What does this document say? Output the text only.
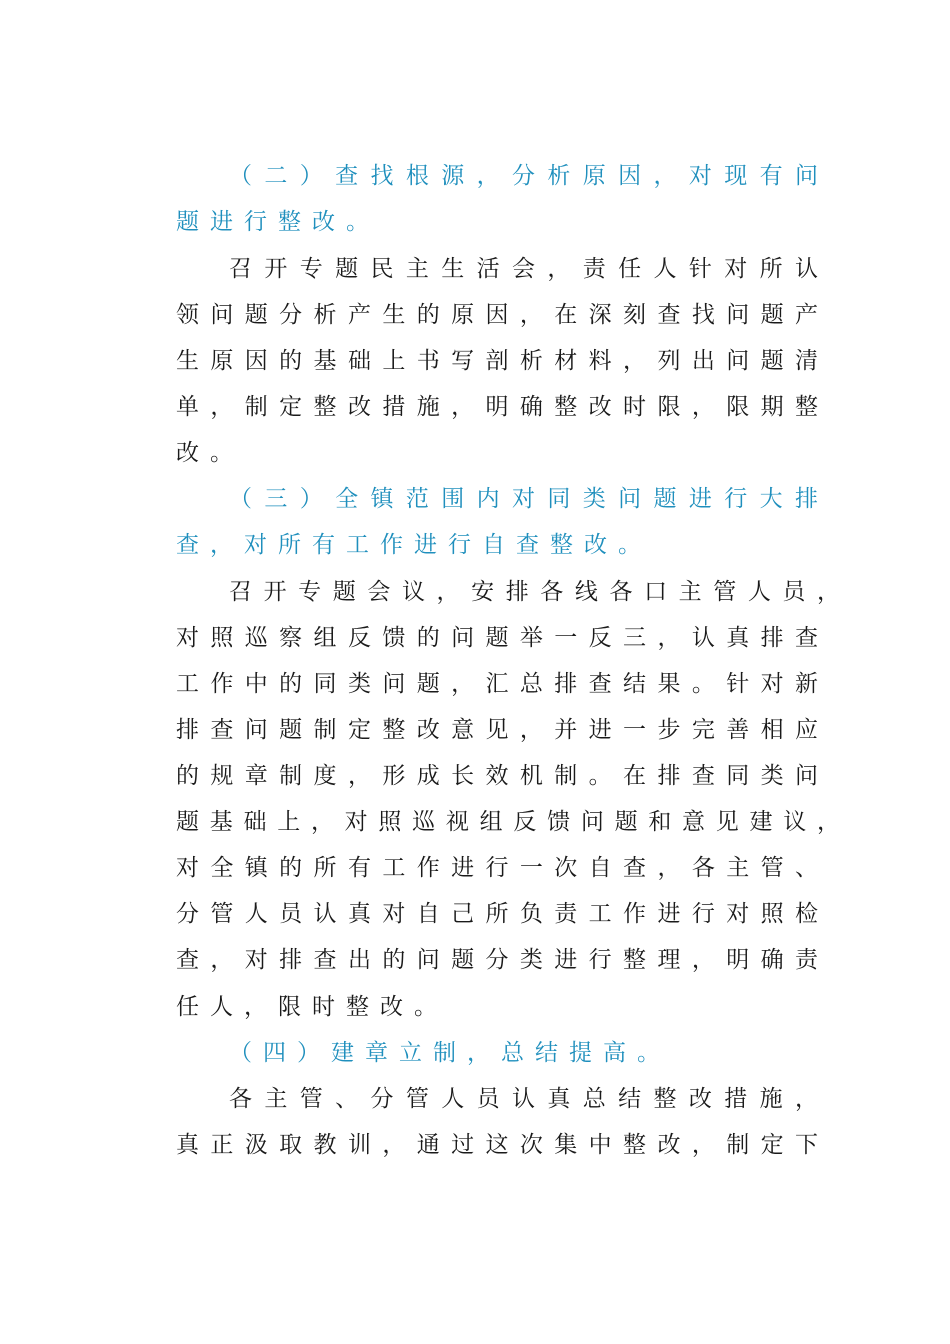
（二）查找根源，分析原因，对现有问
题进行整改。
召开专题民主生活会，责任人针对所认
领问题分析产生的原因，在深刻查找问题产
生原因的基础上书写剖析材料，列出问题清
单，制定整改措施，明确整改时限，限期整
改。
（三）全镇范围内对同类问题进行大排
查，对所有工作进行自查整改。
召开专题会议，安排各线各口主管人员，
对照巡察组反馈的问题举一反三，认真排查
工作中的同类问题，汇总排查结果。针对新
排查问题制定整改意见，并进一步完善相应
的规章制度，形成长效机制。在排查同类问
题基础上，对照巡视组反馈问题和意见建议，
对全镇的所有工作进行一次自查，各主管、
分管人员认真对自己所负责工作进行对照检
查，对排查出的问题分类进行整理，明确责
任人，限时整改。
（四）建章立制，总结提高。
各主管、分管人员认真总结整改措施，
真正汲取教训，通过这次集中整改，制定下
